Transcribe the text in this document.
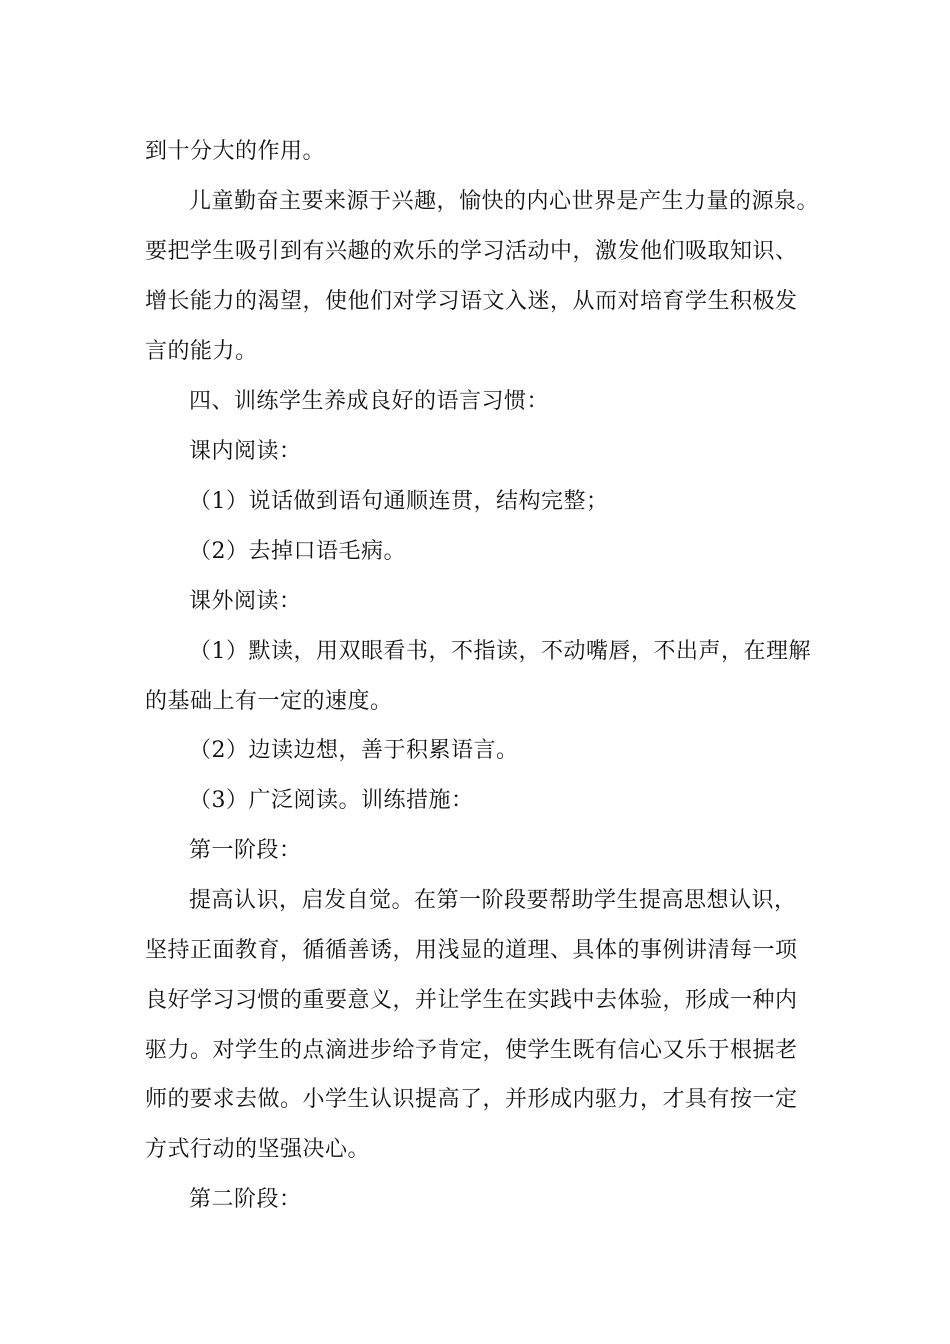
到十分大的作用。

儿童勤奋主要来源于兴趣，愉快的内心世界是产生力量的源泉。

要把学生吸引到有兴趣的欢乐的学习活动中，激发他们吸取知识、

增长能力的渴望，使他们对学习语文入迷，从而对培育学生积极发

言的能力。

四、训练学生养成良好的语言习惯：

课内阅读：

（1）说话做到语句通顺连贯，结构完整；

（2）去掉口语毛病。

课外阅读：

（1）默读，用双眼看书，不指读，不动嘴唇，不出声，在理解

的基础上有一定的速度。

（2）边读边想，善于积累语言。

（3）广泛阅读。训练措施：

第一阶段：

提高认识，启发自觉。在第一阶段要帮助学生提高思想认识，

坚持正面教育，循循善诱，用浅显的道理、具体的事例讲清每一项

良好学习习惯的重要意义，并让学生在实践中去体验，形成一种内

驱力。对学生的点滴进步给予肯定，使学生既有信心又乐于根据老

师的要求去做。小学生认识提高了，并形成内驱力，才具有按一定

方式行动的坚强决心。

第二阶段：
